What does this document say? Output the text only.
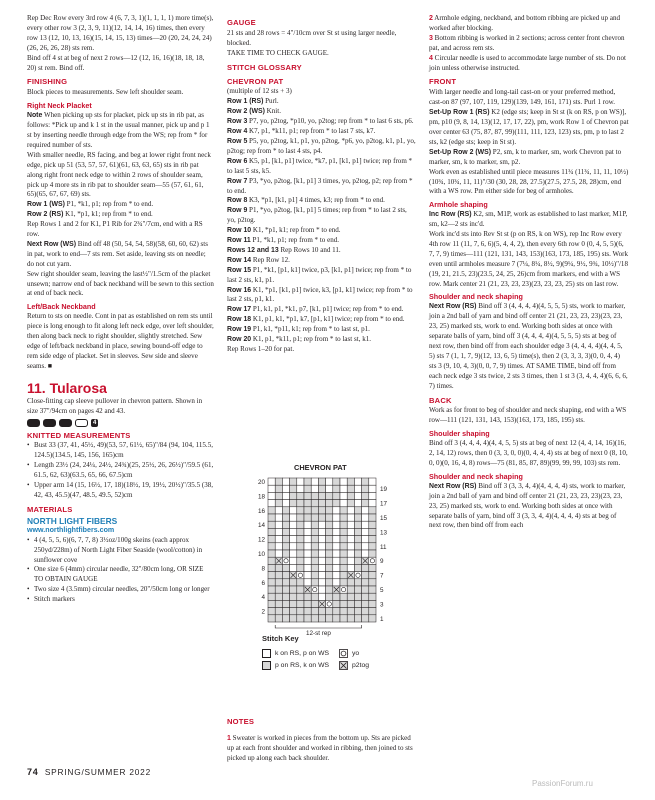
Rep Dec Row every 3rd row 4 (6, 7, 3, 1)(1, 1, 1, 1) more time(s), every other row 3 (2, 3, 9, 11)(12, 14, 14, 16) times, then every row 13 (12, 10, 13, 16)(15, 14, 15, 13) times—20 (20, 24, 24, 24)(26, 26, 26, 28) sts rem.

Bind off 4 st at beg of next 2 rows—12 (12, 16, 16)(18, 18, 18, 20) st rem. Bind off.

FINISHING

Block pieces to measurements. Sew left shoulder seam.

Right Neck Placket

Note When picking up sts for placket, pick up sts in rib pat, as follows: *Pick up and k 1 st in the usual manner, pick up and p 1 st by inserting needle through edge from the WS; rep from * for required number of sts.

With smaller needle, RS facing, and beg at lower right front neck edge, pick up 51 (53, 57, 57, 61)(61, 63, 63, 65) sts in rib pat along right front neck edge to within 2 rows of shoulder seam, pick up 4 more sts in rib pat to shoulder seam—55 (57, 61, 61, 65)(65, 67, 67, 69) sts.

Row 1 (WS) P1, *k1, p1; rep from * to end.

Row 2 (RS) K1, *p1, k1; rep from * to end.

Rep Rows 1 and 2 for K1, P1 Rib for 2¾"/7cm, end with a RS row.

Next Row (WS) Bind off 48 (50, 54, 54, 58)(58, 60, 60, 62) sts in pat, work to end—7 sts rem. Set aside, leaving sts on needle; do not cut yarn.

Sew right shoulder seam, leaving the last½"/1.5cm of the placket unsewn; narrow end of back neckband will be sewn to this section at end of back neck.

Left/Back Neckband

Return to sts on needle. Cont in pat as established on rem sts until piece is long enough to fit along left neck edge, over left shoulder, then along back neck to right shoulder, slightly stretched. Sew edge of left/back neckband in place, sewing bound-off edge to rem side edge of placket. Set in sleeves. Sew side and sleeve seams. ■

11. Tularosa

Close-fitting cap sleeve pullover in chevron pattern. Shown in size 37"/94cm on pages 42 and 43.

4

KNITTED MEASUREMENTS

• Bust 33 (37, 41, 45½, 49)(53, 57, 61½, 65)"/84 (94, 104, 115.5, 124.5)(134.5, 145, 156, 165)cm
• Length 23½ (24, 24¼, 24½, 24¾)(25, 25½, 26, 26½)"/59.5 (61, 61.5, 62, 63)(63.5, 65, 66, 67.5)cm
• Upper arm 14 (15, 16½, 17, 18)(18½, 19, 19½, 20½)"/35.5 (38, 42, 43, 45.5)(47, 48.5, 49.5, 52)cm

MATERIALS

NORTH LIGHT FIBERS

www.northlightfibers.com

• 4 (4, 5, 5, 6)(6, 7, 7, 8) 3½oz/100g skeins (each approx 250yd/228m) of North Light Fiber Seaside (wool/cotton) in sunflower cove
• One size 6 (4mm) circular needle, 32"/80cm long, OR SIZE TO OBTAIN GAUGE
• Two size 4 (3.5mm) circular needles, 20"/50cm long or longer
• Stitch markers

GAUGE

21 sts and 28 rows = 4"/10cm over St st using larger needle, blocked.

TAKE TIME TO CHECK GAUGE.

STITCH GLOSSARY

CHEVRON PAT

(multiple of 12 sts + 3)

Row 1 (RS) Purl.

Row 2 (WS) Knit.

Row 3 P7, yo, p2tog, *p10, yo, p2tog; rep from * to last 6 sts, p6.

Row 4 K7, p1, *k11, p1; rep from * to last 7 sts, k7.

Row 5 P5, yo, p2tog, k1, p1, yo, p2tog, *p6, yo, p2tog, k1, p1, yo, p2tog; rep from * to last 4 sts, p4.

Row 6 K5, p1, [k1, p1] twice, *k7, p1, [k1, p1] twice; rep from * to last 5 sts, k5.

Row 7 P3, *yo, p2tog, [k1, p1] 3 times, yo, p2tog, p2; rep from * to end.

Row 8 K3, *p1, [k1, p1] 4 times, k3; rep from * to end.

Row 9 P1, *yo, p2tog, [k1, p1] 5 times; rep from * to last 2 sts, yo, p2tog.

Row 10 K1, *p1, k1; rep from * to end.

Row 11 P1, *k1, p1; rep from * to end.

Rows 12 and 13 Rep Rows 10 and 11.

Row 14 Rep Row 12.

Row 15 P1, *k1, [p1, k1] twice, p3, [k1, p1] twice; rep from * to last 2 sts, k1, p1.

Row 16 K1, *p1, [k1, p1] twice, k3, [p1, k1] twice; rep from * to last 2 sts, p1, k1.

Row 17 P1, k1, p1, *k1, p7, [k1, p1] twice; rep from * to end.

Row 18 K1, p1, k1, *p1, k7, [p1, k1] twice; rep from * to end.

Row 19 P1, k1, *p11, k1; rep from * to last st, p1.

Row 20 K1, p1, *k11, p1; rep from * to last st, k1.

Rep Rows 1–20 for pat.

CHEVRON PAT
1
3
5
7
9
11
13
15
17
19
2
4
6
8
10
12
14
16
18
20
12-st rep
Stitch Key
k on RS, p on WS
p on RS, k on WS
yo
p2tog

NOTES

1 Sweater is worked in pieces from the bottom up. Sts are picked up at each front shoulder and worked in ribbing, then joined to sts picked up along each back shoulder.

2 Armhole edging, neckband, and bottom ribbing are picked up and worked after blocking.

3 Bottom ribbing is worked in 2 sections; across center front chevron pat, and across rem sts.

4 Circular needle is used to accommodate large number of sts. Do not join unless otherwise instructed.

FRONT

With larger needle and long-tail cast-on or your preferred method, cast-on 87 (97, 107, 119, 129)(139, 149, 161, 171) sts. Purl 1 row.

Set-Up Row 1 (RS) K2 (edge sts; keep in St st (k on RS, p on WS)], pm, p10 (9, 8, 14, 13)(12, 17, 17, 22), pm, work Row 1 of Chevron pat over center 63 (75, 87, 87, 99)(111, 111, 123, 123) sts, pm, p to last 2 sts, k2 (edge sts; keep in St st).

Set-Up Row 2 (WS) P2, sm, k to marker, sm, work Chevron pat to marker, sm, k to marker, sm, p2.

Work even as established until piece measures 11¾ (11¾, 11, 11, 10½)(10¾, 10¾, 11, 11)"/30 (30, 28, 28, 27.5)(27.5, 27.5, 28, 28)cm, end with a WS row. Pm either side for beg of armholes.

Armhole shaping

Inc Row (RS) K2, sm, M1P, work as established to last marker, M1P, sm, k2—2 sts inc'd.

Work inc'd sts into Rev St st (p on RS, k on WS), rep Inc Row every 4th row 11 (11, 7, 6, 6)(5, 4, 4, 2), then every 6th row 0 (0, 4, 5, 5)(6, 7, 7, 9) times—111 (121, 131, 143, 153)(163, 173, 185, 195) sts. Work even until armholes measure 7 (7¼, 8¼, 8½, 9)(9¼, 9½, 9¾, 10½)"/18 (19, 21, 21.5, 23)(23.5, 24, 25, 26)cm from markers, end with a WS row. Mark center 21 (21, 23, 23, 23)(23, 23, 23, 25) sts on last row.

Shoulder and neck shaping

Next Row (RS) Bind off 3 (4, 4, 4, 4)(4, 5, 5, 5) sts, work to marker, join a 2nd ball of yarn and bind off center 21 (21, 23, 23, 23)(23, 23, 23, 25) marked sts, work to end. Working both sides at once with separate balls of yarn, bind off 3 (4, 4, 4, 4)(4, 5, 5, 5) sts at beg of next row, then bind off from each shoulder edge 3 (4, 4, 4, 4)(4, 4, 5, 5) sts 7 (1, 1, 7, 9)(12, 13, 6, 5) time(s), then 2 (3, 3, 3, 3)(0, 0, 4, 4) sts 3 (9, 10, 4, 3)(0, 0, 7, 9) times. AT SAME TIME, bind off from each neck edge 3 sts twice, 2 sts 3 times, then 1 st 3 (3, 4, 4, 4)(6, 6, 6, 7) times.

BACK

Work as for front to beg of shoulder and neck shaping, end with a WS row—111 (121, 131, 143, 153)(163, 173, 185, 195) sts.

Shoulder shaping

Bind off 3 (4, 4, 4, 4)(4, 4, 5, 5) sts at beg of next 12 (4, 4, 14, 16)(16, 2, 14, 12) rows, then 0 (3, 3, 0, 0)(0, 4, 4, 4) sts at beg of next 0 (8, 10, 0, 0)(0, 16, 4, 8) rows—75 (81, 85, 87, 89)(99, 99, 99, 103) sts rem.

Shoulder and neck shaping

Next Row (RS) Bind off 3 (3, 3, 4, 4)(4, 4, 4, 4) sts, work to marker, join a 2nd ball of yarn and bind off center 21 (21, 23, 23, 23)(23, 23, 23, 25) marked sts, work to end. Working both sides at once with separate balls of yarn, bind off 3 (3, 3, 4, 4)(4, 4, 4, 4) sts at beg of next row, then bind off from each

74 SPRING/SUMMER 2022
PassionForum.ru
